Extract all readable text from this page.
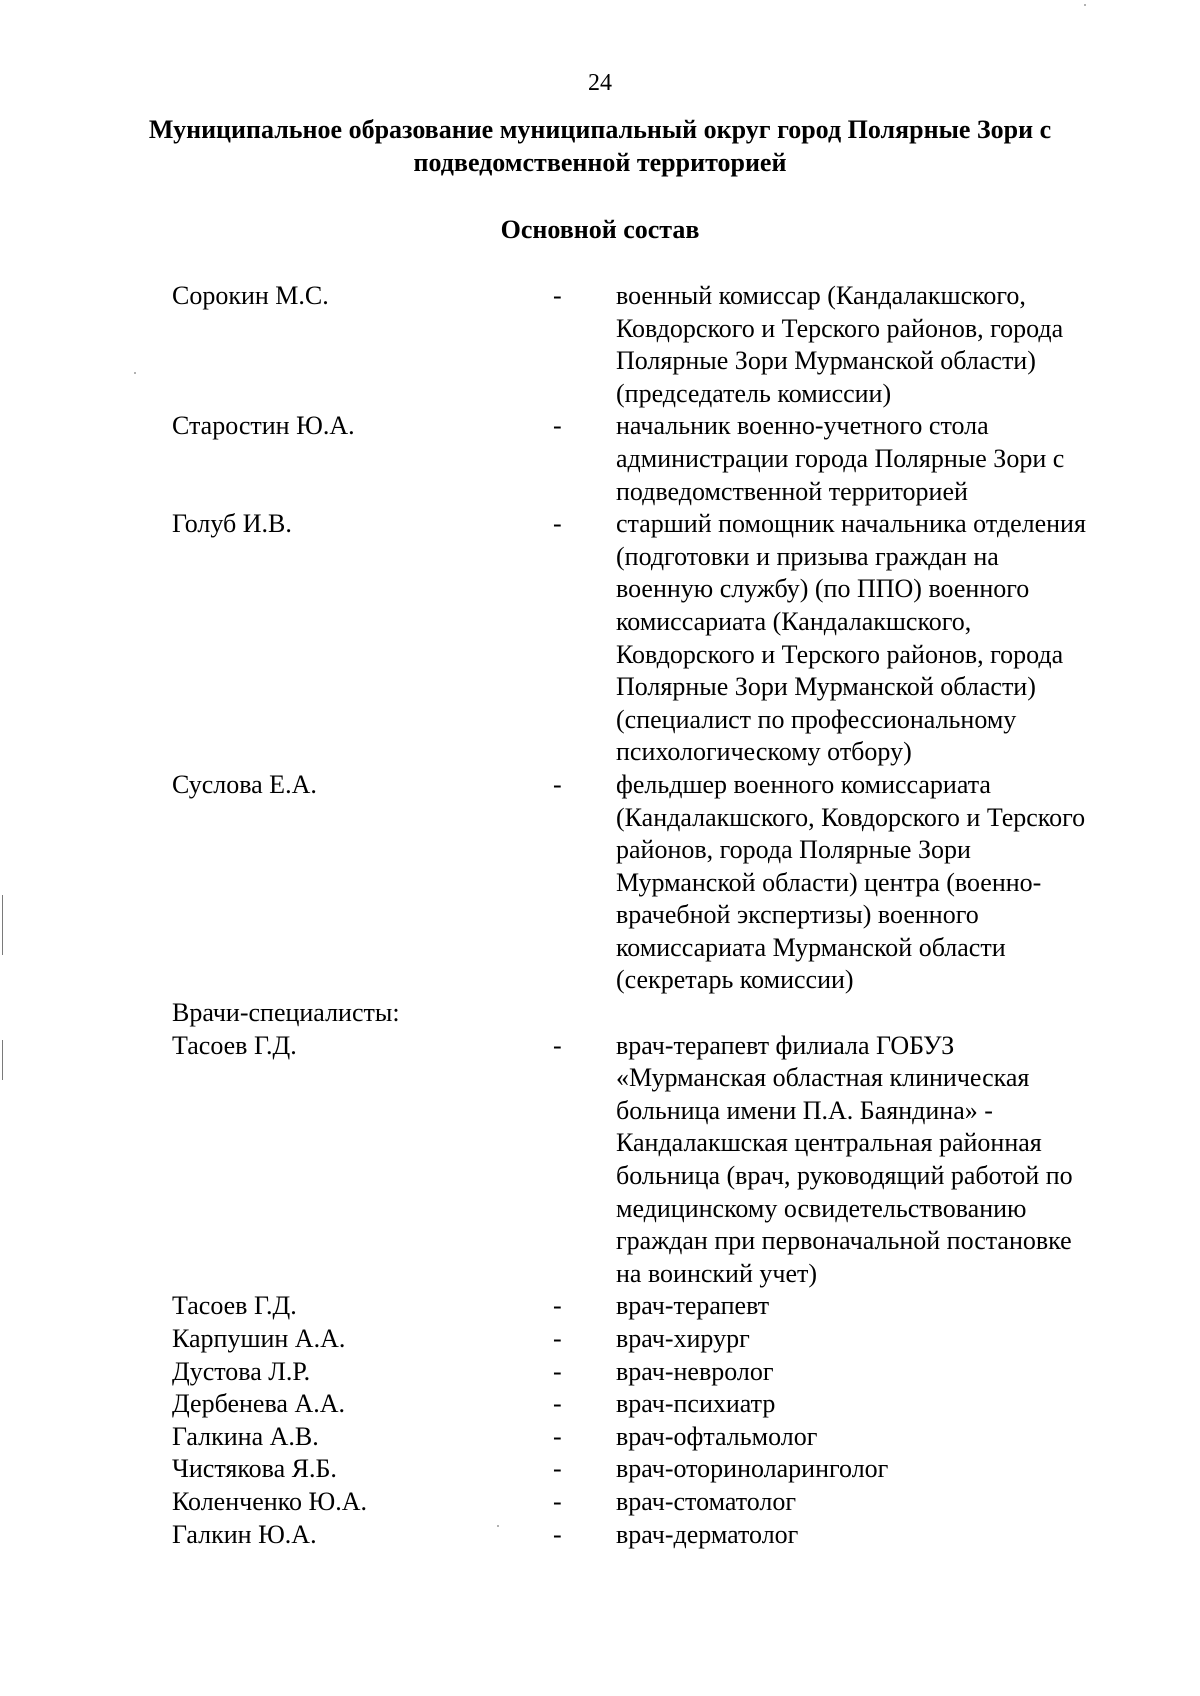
24
Муниципальное образование муниципальный округ город Полярные Зори с подведомственной территорией
Основной состав
Сорокин М.С.	-	военный комиссар (Кандалакшского,
Ковдорского и Терского районов, города
Полярные Зори Мурманской области)
(председатель комиссии)
Старостин Ю.А.	-	начальник военно-учетного стола
администрации города Полярные Зори с
подведомственной территорией
Голуб И.В.	-	старший помощник начальника отделения
(подготовки и призыва граждан на
военную службу) (по ППО) военного
комиссариата (Кандалакшского,
Ковдорского и Терского районов, города
Полярные Зори Мурманской области)
(специалист по профессиональному
психологическому отбору)
Суслова Е.А.	-	фельдшер военного комиссариата
(Кандалакшского, Ковдорского и Терского
районов, города Полярные Зори
Мурманской области) центра (военно-
врачебной экспертизы) военного
комиссариата Мурманской области
(секретарь комиссии)
Врачи-специалисты:
Тасоев Г.Д.	-	врач-терапевт филиала ГОБУЗ
«Мурманская областная клиническая
больница имени П.А. Баяндина» -
Кандалакшская центральная районная
больница (врач, руководящий работой по
медицинскому освидетельствованию
граждан при первоначальной постановке
на воинский учет)
Тасоев Г.Д.	-	врач-терапевт
Карпушин А.А.	-	врач-хирург
Дустова Л.Р.	-	врач-невролог
Дербенева А.А.	-	врач-психиатр
Галкина А.В.	-	врач-офтальмолог
Чистякова Я.Б.	-	врач-оториноларинголог
Коленченко Ю.А.	-	врач-стоматолог
Галкин Ю.А.	-	врач-дерматолог
